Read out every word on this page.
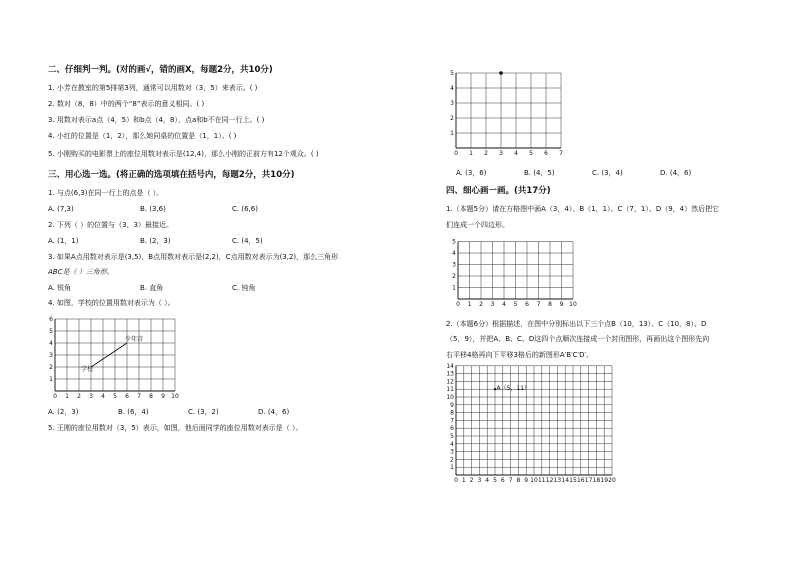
二、仔细判一判。(对的画√，错的画X，每题2分，共10分)
1. 小芳在教室的第5排第3列，通常可以用数对（3，5）来表示。( )
2. 数对（8，8）中的两个“8”表示的意义相同。( )
3. 用数对表示a点（4，5）和b点（4，8），点a和b不在同一行上。( )
4. 小红的位置是（1，2），那么她同桌的位置是（1，1）。( )
5. 小刚购买的电影票上的座位用数对表示是(12,4)，那么小刚的正前方有12个观众。( )
三、用心选一选。(将正确的选项填在括号内，每题2分，共10分)
1. 与点(6,3)在同一行上的点是（ ）。
A. (7,3)	B. (3,6)	C. (6,6)
2. 下列（ ）的位置与（3，3）最接近。
A. (1，1)	B. (2，3)	C. (4，5)
3. 如果A点用数对表示是(3,5)，B点用数对表示是(2,2)，C点用数对表示为(3,2)，那么三角形
ABC是（ ）三角形。
A. 锐角	B. 直角	C. 钝角
4. 如图，学校的位置用数对表示为（ ）。
0 1 2 3 4 5 6 7 8 9 10
1
2
3
4
5
6
学校
少年宫
A. (2，3)	B. (6，4)	C. (3，2)	D. (4，6)
5. 王刚的座位用数对（3，5）表示，如图，他后面同学的座位用数对表示是（ ）。
0 1 2 3 4 5 6 7
1
2
3
4
5
A. (3，6)	B. (4，5)	C. (3，4)	D. (4，6)
四、细心画一画。(共17分)
1.（本题5分）请在方格图中画A（3，4）、B（1，1）、C（7，1）、D（9，4）然后把它
们连成一个四边形。
0 1 2 3 4 5 6 7 8 9 10
1
2
3
4
5
2.（本题6分）根据描述，在图中分别标出以下三个点B（10，13）、C（10，8）、D
（5，9），并把A、B、C、D这四个点顺次连接成一个封闭图形，再画出这个图形先向
右平移4格再向下平移3格后的新图形A′B′C′D′。
0 1 2 3 4 5 6 7 8 9 10 11 12 13 14 15 16 17 18 19 20
1
2
3
4
5
6
7
8
9
10
11
12
13
14
A（5，11）
